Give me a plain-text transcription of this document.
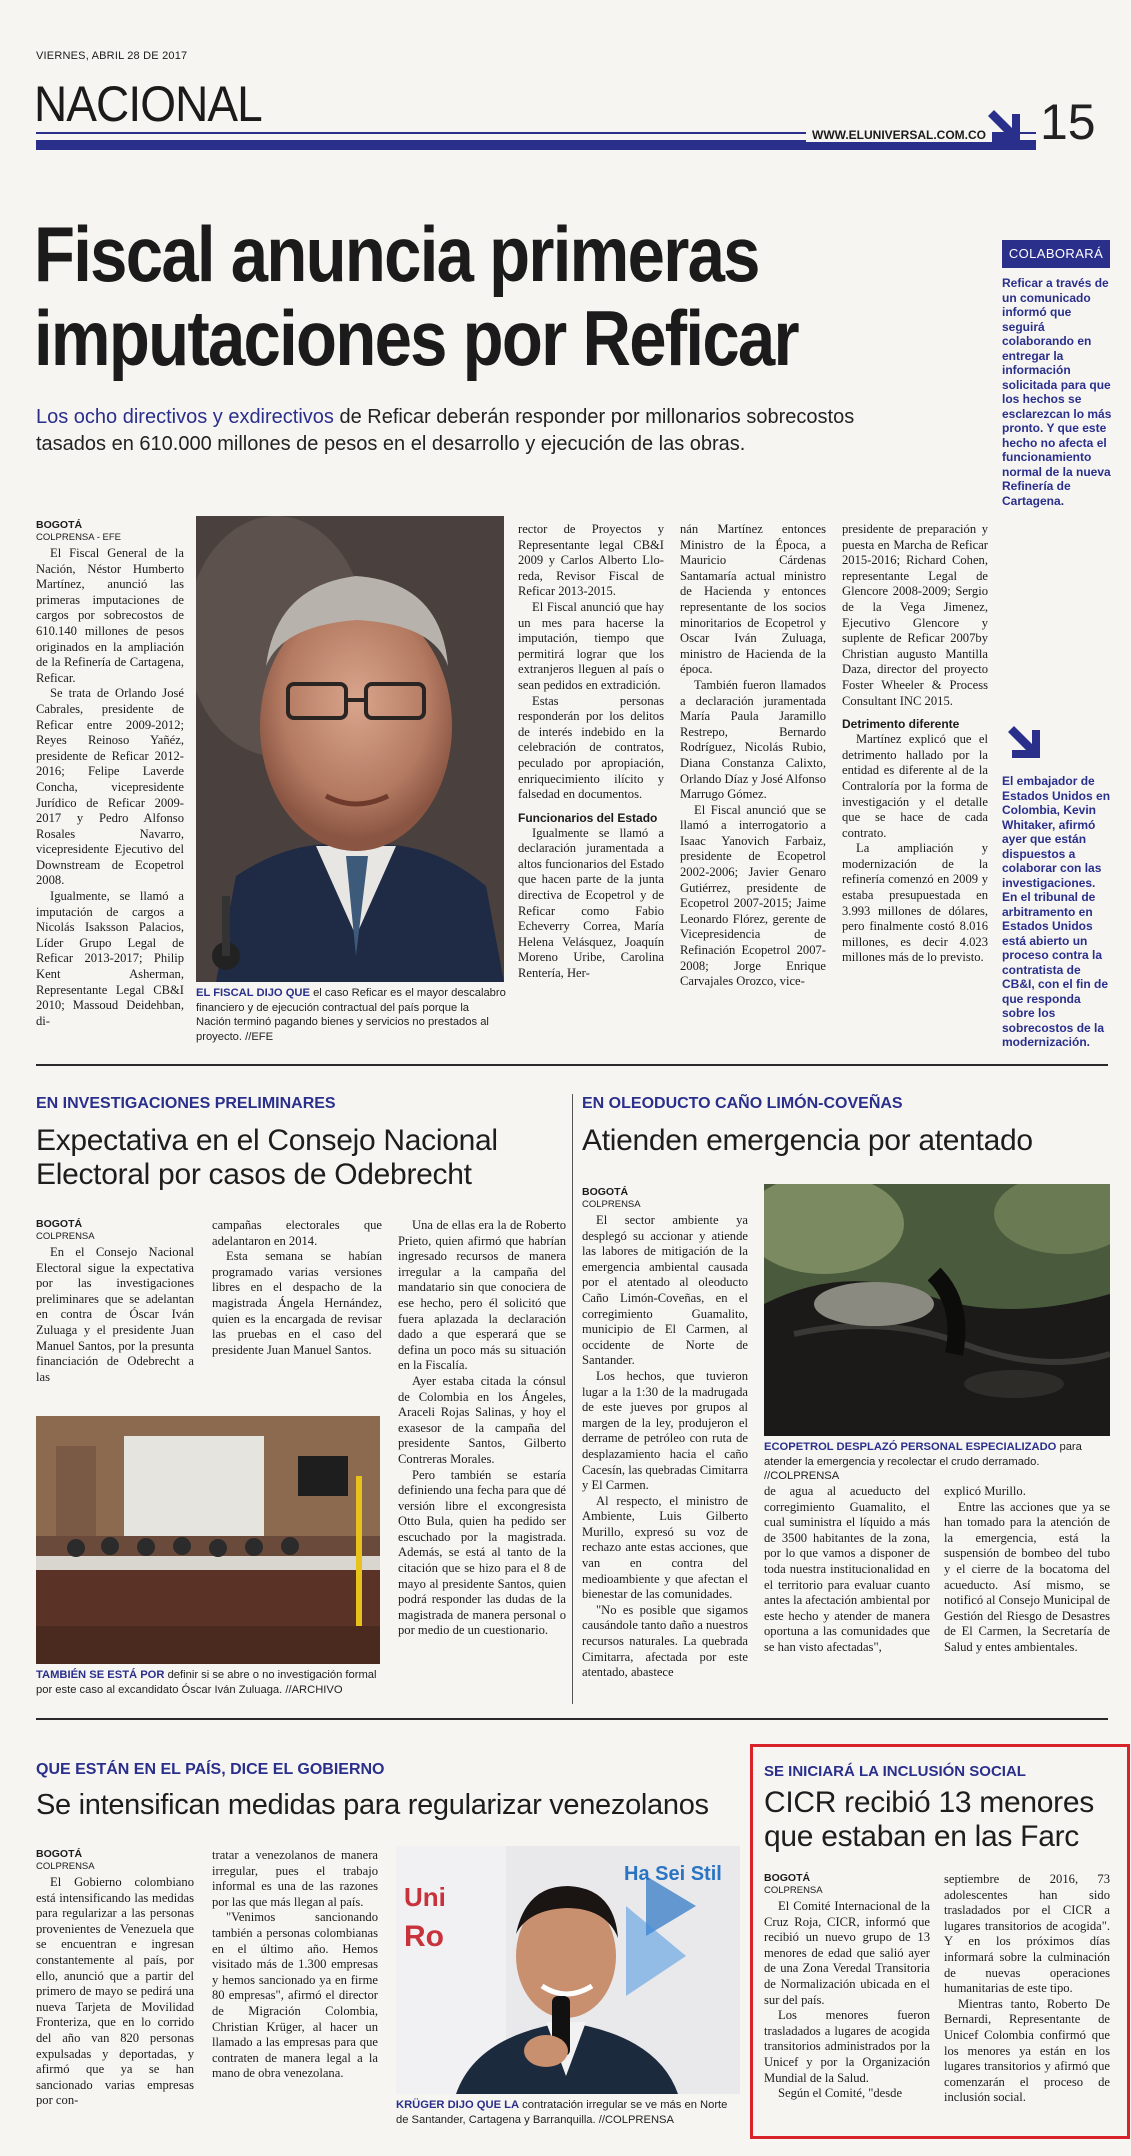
VIERNES, ABRIL 28 DE 2017
NACIONAL
WWW.ELUNIVERSAL.COM.CO 15
Fiscal anuncia primeras
imputaciones por Reficar
Los ocho directivos y exdirectivos de Reficar deberán responder por millonarios sobrecostos
tasados en 610.000 millones de pesos en el desarrollo y ejecución de las obras.
BOGOTÁ
COLPRENSA - EFE

El Fiscal General de la Nación, Néstor Humberto Martínez, anunció las primeras imputaciones de cargos por sobrecostos de 610.140 millones de pesos originados en la ampliación de la Refinería de Cartagena, Reficar.

Se trata de Orlando José Cabrales, presidente de Reficar entre 2009-2012; Reyes Reinoso Yañéz, presidente de Reficar 2012-2016; Felipe Laverde Concha, vicepresidente Jurídico de Reficar 2009-2017 y Pedro Alfonso Rosales Navarro, vicepresidente Ejecutivo del Downstream de Ecopetrol 2008.

Igualmente, se llamó a imputación de cargos a Nicolás Isaksson Palacios, Líder Grupo Legal de Reficar 2013-2017; Philip Kent Asherman, Representante Legal CB&I 2010; Massoud Deidehban, di-

EL FISCAL DIJO QUE el caso Reficar es el mayor descalabro financiero y de ejecución contractual del país porque la Nación terminó pagando bienes y servicios no prestados al proyecto. //EFE

rector de Proyectos y Representante legal CB&I 2009 y Carlos Alberto Llo-reda, Revisor Fiscal de Reficar 2013-2015.

El Fiscal anunció que hay un mes para hacerse la imputación, tiempo que permitirá lograr que los extranjeros lleguen al país o sean pedidos en extradición.

Estas personas responderán por los delitos de interés indebido en la celebración de contratos, peculado por apropiación, enriquecimiento ilícito y falsedad en documentos.

Funcionarios del Estado

Igualmente se llamó a declaración juramentada a altos funcionarios del Estado que hacen parte de la junta directiva de Ecopetrol y de Reficar como Fabio Echeverry Correa, María Helena Velásquez, Joaquín Moreno Uribe, Carolina Rentería, Her-

nán Martínez entonces Ministro de la Época, a Mauricio Cárdenas Santamaría actual ministro de Hacienda y entonces representante de los socios minoritarios de Ecopetrol y Oscar Iván Zuluaga, ministro de Hacienda de la época.

También fueron llamados a declaración juramentada María Paula Jaramillo Restrepo, Bernardo Rodríguez, Nicolás Rubio, Diana Constanza Calixto, Orlando Díaz y José Alfonso Marrugo Gómez.

El Fiscal anunció que se llamó a interrogatorio a Isaac Yanovich Farbaiz, presidente de Ecopetrol 2002-2006; Javier Genaro Gutiérrez, presidente de Ecopetrol 2007-2015; Jaime Leonardo Flórez, gerente de Vicepresidencia de Refinación Ecopetrol 2007-2008; Jorge Enrique Carvajales Orozco, vice-

presidente de preparación y puesta en Marcha de Reficar 2015-2016; Richard Cohen, representante Legal de Glencore 2008-2009; Sergio de la Vega Jimenez, Ejecutivo Glencore y suplente de Reficar 2007by Christian augusto Mantilla Daza, director del proyecto Foster Wheeler & Process Consultant INC 2015.

Detrimento diferente

Martínez explicó que el detrimento hallado por la entidad es diferente al de la Contraloría por la forma de investigación y el detalle que se hace de cada contrato.

La ampliación y modernización de la refinería comenzó en 2009 y estaba presupuestada en 3.993 millones de dólares, pero finalmente costó 8.016 millones, es decir 4.023 millones más de lo previsto.

COLABORARÁ
Reficar a través de un comunicado informó que seguirá colaborando en entregar la información solicitada para que los hechos se esclarezcan lo más pronto. Y que este hecho no afecta el funcionamiento normal de la nueva Refinería de Cartagena.
El embajador de Estados Unidos en Colombia, Kevin Whitaker, afirmó ayer que están dispuestos a colaborar con las investigaciones. En el tribunal de arbitramento en Estados Unidos está abierto un proceso contra la contratista de CB&I, con el fin de que responda sobre los sobrecostos de la modernización.
EN INVESTIGACIONES PRELIMINARES
Expectativa en el Consejo Nacional
Electoral por casos de Odebrecht
BOGOTÁ
COLPRENSA

En el Consejo Nacional Electoral sigue la expectativa por las investigaciones preliminares que se adelantan en contra de Óscar Iván Zuluaga y el presidente Juan Manuel Santos, por la presunta financiación de Odebrecht a las

campañas electorales que adelantaron en 2014.

Esta semana se habían programado varias versiones libres en el despacho de la magistrada Ángela Hernández, quien es la encargada de revisar las pruebas en el caso del presidente Juan Manuel Santos.

Una de ellas era la de Roberto Prieto, quien afirmó que habrían ingresado recursos de manera irregular a la campaña del mandatario sin que conociera de ese hecho, pero él solicitó que fuera aplazada la declaración dado a que esperará que se defina un poco más su situación en la Fiscalía.

Ayer estaba citada la cónsul de Colombia en los Ángeles, Araceli Rojas Salinas, y hoy el exasesor de la campaña del presidente Santos, Gilberto Contreras Morales.

Pero también se estaría definiendo una fecha para que dé versión libre el excongresista Otto Bula, quien ha pedido ser escuchado por la magistrada. Además, se está al tanto de la citación que se hizo para el 8 de mayo al presidente Santos, quien podrá responder las dudas de la magistrada de manera personal o por medio de un cuestionario.

TAMBIÉN SE ESTÁ POR definir si se abre o no investigación formal por este caso al excandidato Óscar Iván Zuluaga. //ARCHIVO
EN OLEODUCTO CAÑO LIMÓN-COVEÑAS
Atienden emergencia por atentado
BOGOTÁ
COLPRENSA

El sector ambiente ya desplegó su accionar y atiende las labores de mitigación de la emergencia ambiental causada por el atentado al oleoducto Caño Limón-Coveñas, en el corregimiento Guamalito, municipio de El Carmen, al occidente de Norte de Santander.

Los hechos, que tuvieron lugar a la 1:30 de la madrugada de este jueves por grupos al margen de la ley, produjeron el derrame de petróleo con ruta de desplazamiento hacia el caño Cacesín, las quebradas Cimitarra y El Carmen.

Al respecto, el ministro de Ambiente, Luis Gilberto Murillo, expresó su voz de rechazo ante estas acciones, que van en contra del medioambiente y que afectan el bienestar de las comunidades.

"No es posible que sigamos causándole tanto daño a nuestros recursos naturales. La quebrada Cimitarra, afectada por este atentado, abastece

ECOPETROL DESPLAZÓ PERSONAL ESPECIALIZADO para atender la emergencia y recolectar el crudo derramado. //COLPRENSA

de agua al acueducto del corregimiento Guamalito, el cual suministra el líquido a más de 3500 habitantes de la zona, por lo que vamos a disponer de toda nuestra institucionalidad en el territorio para evaluar cuanto antes la afectación ambiental por este hecho y atender de manera oportuna a las comunidades que se han visto afectadas",

explicó Murillo.

Entre las acciones que ya se han tomado para la atención de la emergencia, está la suspensión de bombeo del tubo y el cierre de la bocatoma del acueducto. Así mismo, se notificó al Consejo Municipal de Gestión del Riesgo de Desastres de El Carmen, la Secretaría de Salud y entes ambientales.

QUE ESTÁN EN EL PAÍS, DICE EL GOBIERNO
Se intensifican medidas para regularizar venezolanos
BOGOTÁ
COLPRENSA

El Gobierno colombiano está intensificando las medidas para regularizar a las personas provenientes de Venezuela que se encuentran e ingresan constantemente al país, por ello, anunció que a partir del primero de mayo se pedirá una nueva Tarjeta de Movilidad Fronteriza, que en lo corrido del año van 820 personas expulsadas y deportadas, y afirmó que ya se han sancionado varias empresas por con-

tratar a venezolanos de manera irregular, pues el trabajo informal es una de las razones por las que más llegan al país.

"Venimos sancionando también a personas colombianas en el último año. Hemos visitado más de 1.300 empresas y hemos sancionado ya en firme 80 empresas", afirmó el director de Migración Colombia, Christian Krüger, al hacer un llamado a las empresas para que contraten de manera legal a la mano de obra venezolana.

Uni
Ro
Ha Sei Stil
KRÜGER DIJO QUE LA contratación irregular se ve más en Norte de Santander, Cartagena y Barranquilla. //COLPRENSA
SE INICIARÁ LA INCLUSIÓN SOCIAL
CICR recibió 13 menores
que estaban en las Farc
BOGOTÁ
COLPRENSA

El Comité Internacional de la Cruz Roja, CICR, informó que recibió un nuevo grupo de 13 menores de edad que salió ayer de una Zona Veredal Transitoria de Normalización ubicada en el sur del país.

Los menores fueron trasladados a lugares de acogida transitorios administrados por la Unicef y por la Organización Mundial de la Salud.

Según el Comité, "desde

septiembre de 2016, 73 adolescentes han sido trasladados por el CICR a lugares transitorios de acogida". Y en los próximos días informará sobre la culminación de nuevas operaciones humanitarias de este tipo.

Mientras tanto, Roberto De Bernardi, Representante de Unicef Colombia confirmó que los menores ya están en los lugares transitorios y afirmó que comenzarán el proceso de inclusión social.
